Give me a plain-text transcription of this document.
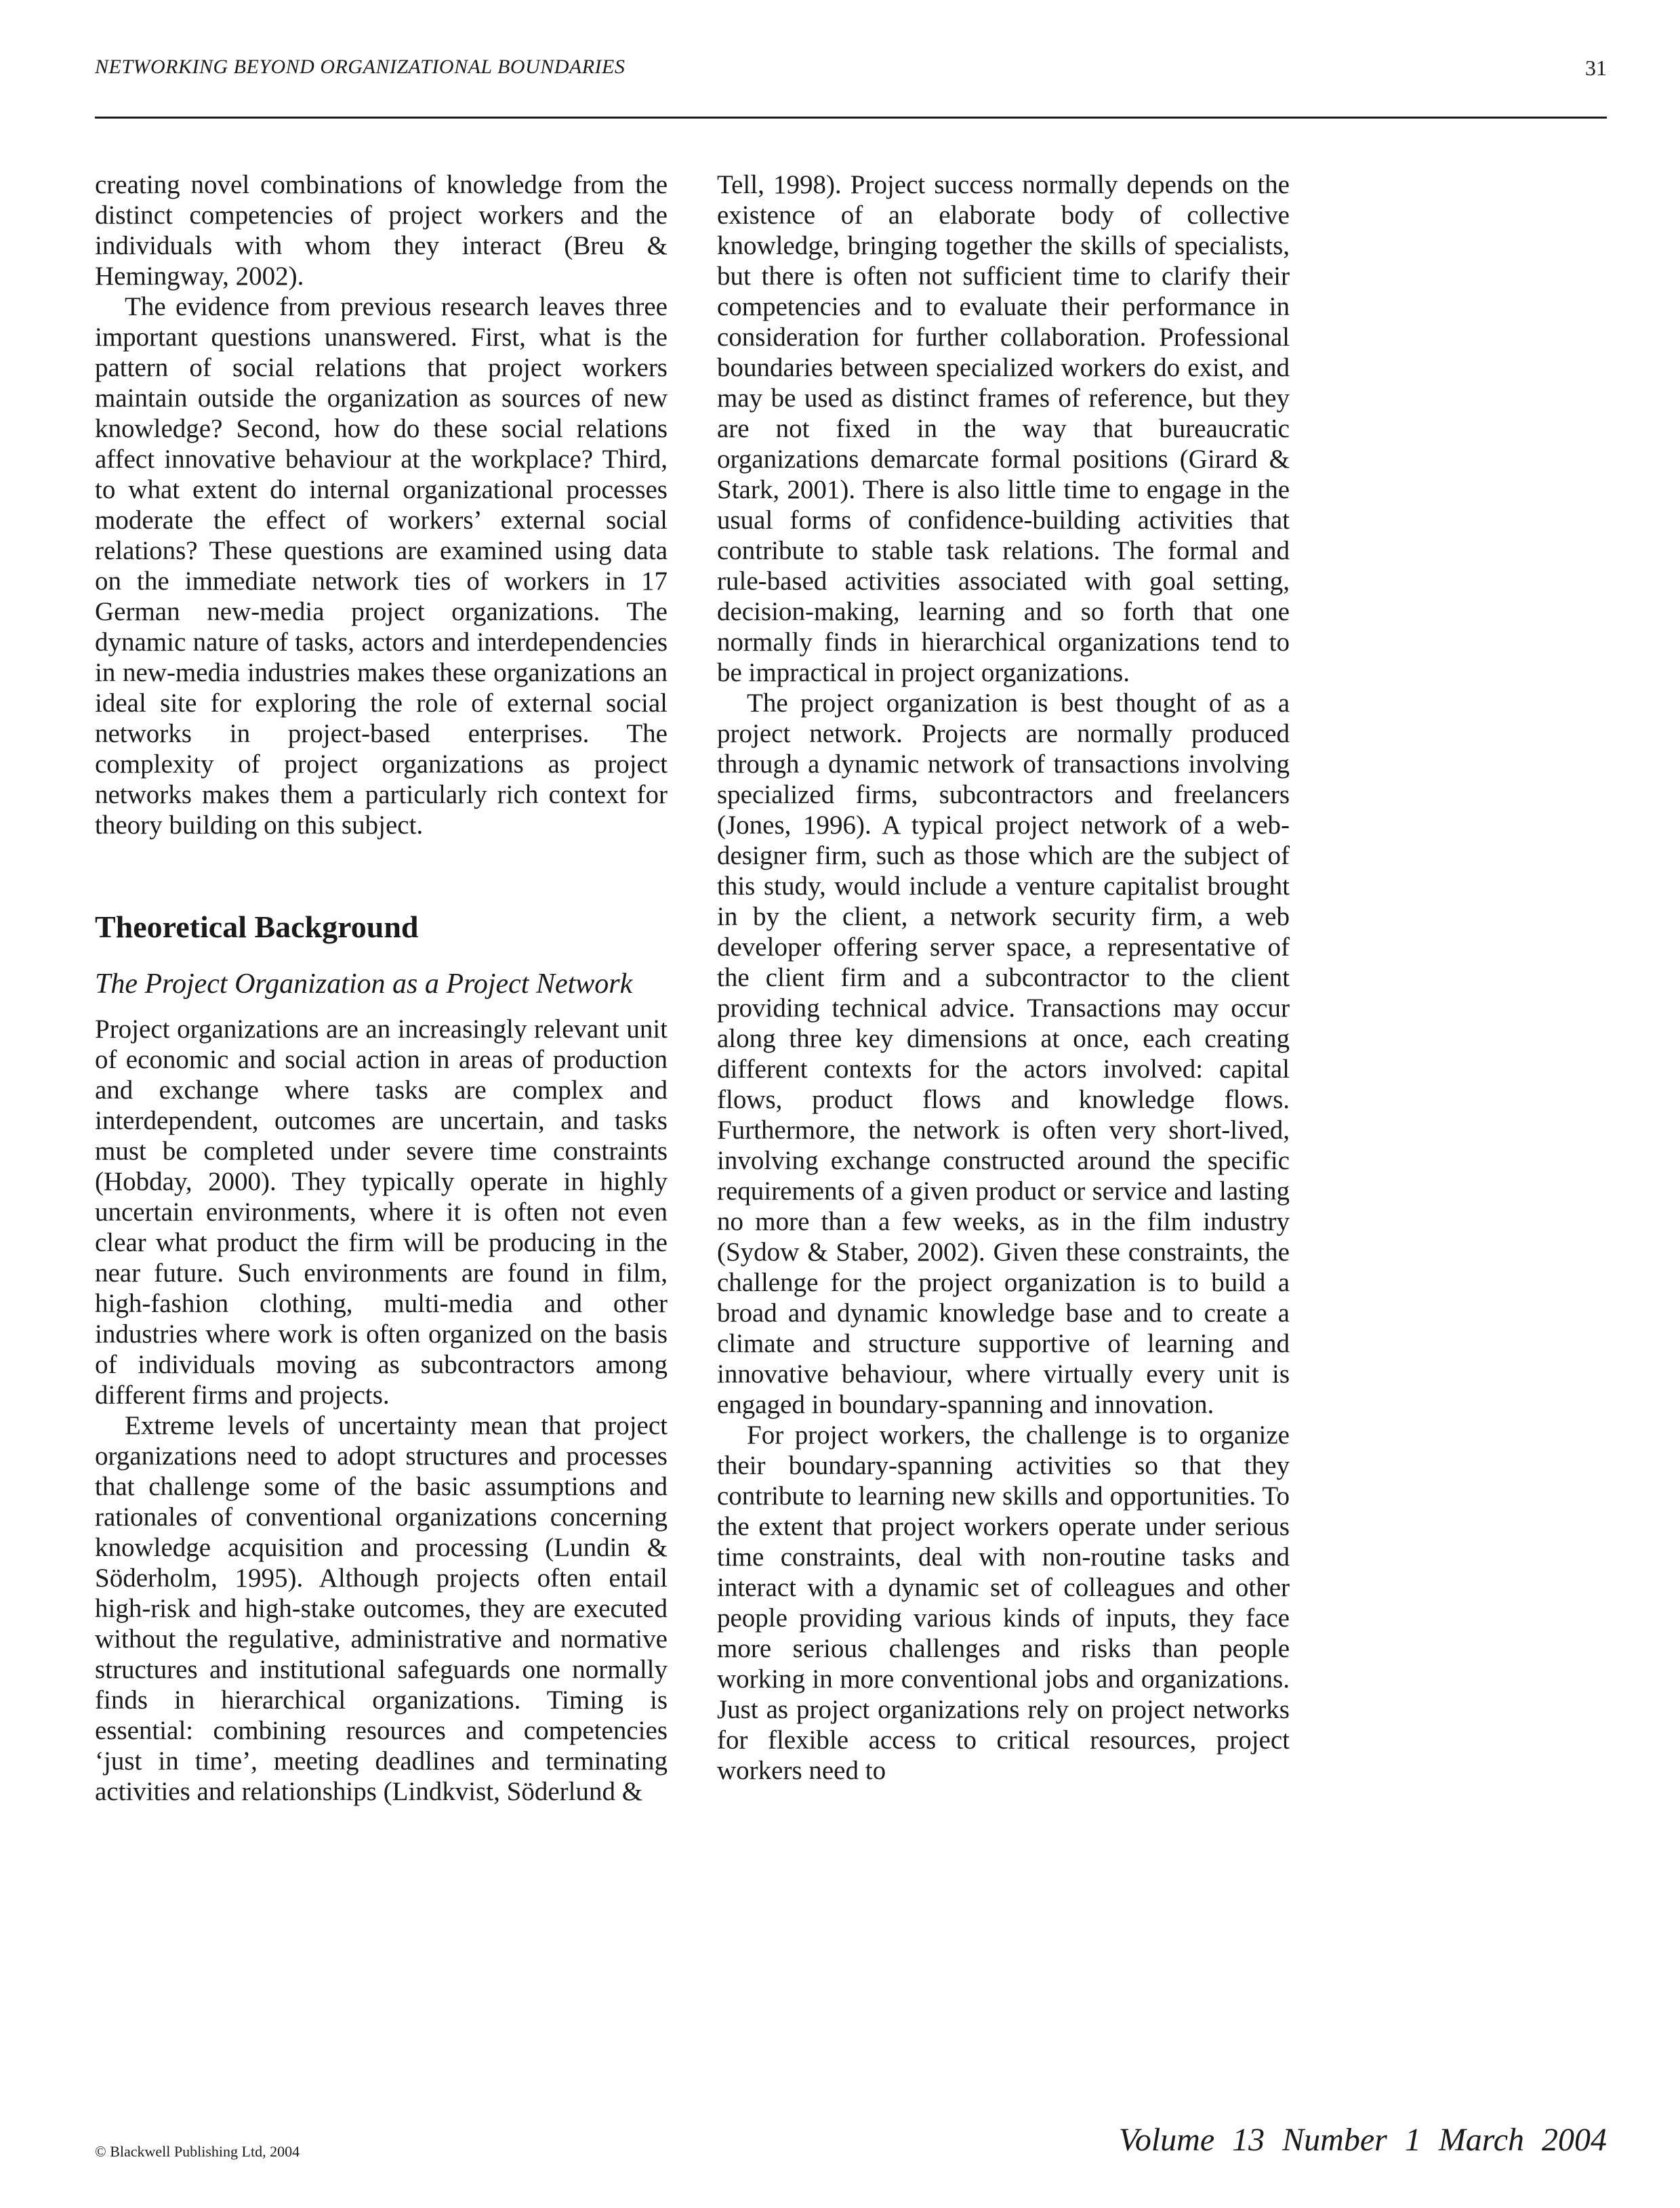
NETWORKING BEYOND ORGANIZATIONAL BOUNDARIES	31

creating novel combinations of knowledge from the distinct competencies of project workers and the individuals with whom they interact (Breu & Hemingway, 2002).

The evidence from previous research leaves three important questions unanswered. First, what is the pattern of social relations that project workers maintain outside the organization as sources of new knowledge? Second, how do these social relations affect innovative behaviour at the workplace? Third, to what extent do internal organizational processes moderate the effect of workers’ external social relations? These questions are examined using data on the immediate network ties of workers in 17 German new-media project organizations. The dynamic nature of tasks, actors and interdependencies in new-media industries makes these organizations an ideal site for exploring the role of external social networks in project-based enterprises. The complexity of project organizations as project networks makes them a particularly rich context for theory building on this subject.

Theoretical Background
The Project Organization as a Project Network

Project organizations are an increasingly relevant unit of economic and social action in areas of production and exchange where tasks are complex and interdependent, outcomes are uncertain, and tasks must be completed under severe time constraints (Hobday, 2000). They typically operate in highly uncertain environments, where it is often not even clear what product the firm will be producing in the near future. Such environments are found in film, high-fashion clothing, multi-media and other industries where work is often organized on the basis of individuals moving as subcontractors among different firms and projects.

Extreme levels of uncertainty mean that project organizations need to adopt structures and processes that challenge some of the basic assumptions and rationales of conventional organizations concerning knowledge acquisition and processing (Lundin & Söderholm, 1995). Although projects often entail high-risk and high-stake outcomes, they are executed without the regulative, administrative and normative structures and institutional safeguards one normally finds in hierarchical organizations. Timing is essential: combining resources and competencies ‘just in time’, meeting deadlines and terminating activities and relationships (Lindkvist, Söderlund &

Tell, 1998). Project success normally depends on the existence of an elaborate body of collective knowledge, bringing together the skills of specialists, but there is often not sufficient time to clarify their competencies and to evaluate their performance in consideration for further collaboration. Professional boundaries between specialized workers do exist, and may be used as distinct frames of reference, but they are not fixed in the way that bureaucratic organizations demarcate formal positions (Girard & Stark, 2001). There is also little time to engage in the usual forms of confidence-building activities that contribute to stable task relations. The formal and rule-based activities associated with goal setting, decision-making, learning and so forth that one normally finds in hierarchical organizations tend to be impractical in project organizations.

The project organization is best thought of as a project network. Projects are normally produced through a dynamic network of transactions involving specialized firms, subcontractors and freelancers (Jones, 1996). A typical project network of a web-designer firm, such as those which are the subject of this study, would include a venture capitalist brought in by the client, a network security firm, a web developer offering server space, a representative of the client firm and a subcontractor to the client providing technical advice. Transactions may occur along three key dimensions at once, each creating different contexts for the actors involved: capital flows, product flows and knowledge flows. Furthermore, the network is often very short-lived, involving exchange constructed around the specific requirements of a given product or service and lasting no more than a few weeks, as in the film industry (Sydow & Staber, 2002). Given these constraints, the challenge for the project organization is to build a broad and dynamic knowledge base and to create a climate and structure supportive of learning and innovative behaviour, where virtually every unit is engaged in boundary-spanning and innovation.

For project workers, the challenge is to organize their boundary-spanning activities so that they contribute to learning new skills and opportunities. To the extent that project workers operate under serious time constraints, deal with non-routine tasks and interact with a dynamic set of colleagues and other people providing various kinds of inputs, they face more serious challenges and risks than people working in more conventional jobs and organizations. Just as project organizations rely on project networks for flexible access to critical resources, project workers need to

© Blackwell Publishing Ltd, 2004	Volume 13 Number 1 March 2004
